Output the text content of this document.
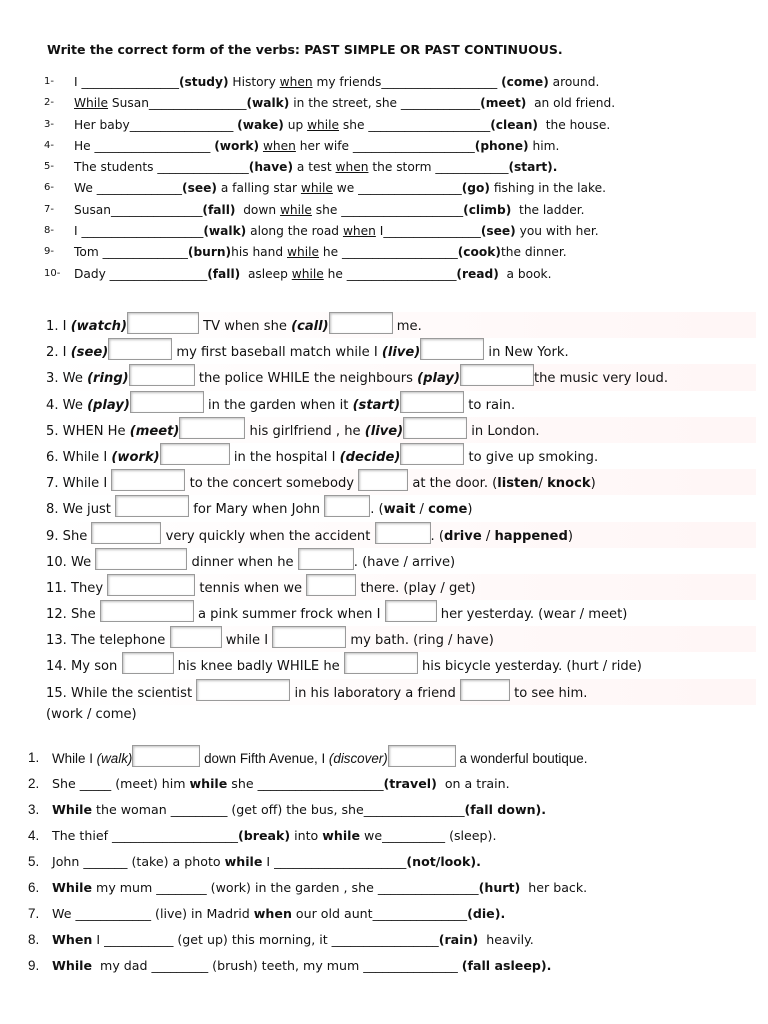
Write the correct form of the verbs: PAST SIMPLE OR PAST CONTINUOUS.
1-	I ________________(study) History when my friends___________________ (come) around.
2-	While Susan________________(walk) in the street, she _____________(meet)  an old friend.
3-	Her baby_________________ (wake) up while she ____________________(clean)  the house.
4-	He ___________________ (work) when her wife ____________________(phone) him.
5-	The students _______________(have) a test when the storm ____________(start).
6-	We ______________(see) a falling star while we _________________(go) fishing in the lake.
7-	Susan_______________(fall)  down while she ____________________(climb)  the ladder.
8-	I ____________________(walk) along the road when I________________(see) you with her.
9-	Tom ______________(burn)his hand while he ___________________(cook)the dinner.
10-	Dady ________________(fall)  asleep while he __________________(read)  a book.
1. I (watch)	TV when she (call)	me.
2. I (see)	my first baseball match while I (live)	in New York.
3. We (ring)	the police WHILE the neighbours (play)	the music very loud.
4. We (play)	in the garden when it (start)	to rain.
5. WHEN He (meet)	his girlfriend , he (live)	in London.
6. While I (work)	in the hospital I (decide)	to give up smoking.
7. While I	to the concert somebody	at the door. (listen/ knock)
8. We just	for Mary when John	. (wait / come)
9. She	very quickly when the accident	. (drive / happened)
10. We	dinner when he	. (have / arrive)
11. They	tennis when we	there. (play / get)
12. She	a pink summer frock when I	her yesterday. (wear / meet)
13. The telephone	while I	my bath. (ring / have)
14. My son	his knee badly WHILE he	his bicycle yesterday. (hurt / ride)
15. While the scientist	in his laboratory a friend	to see him.
(work / come)
1. While I (walk)	down Fifth Avenue, I (discover)	a wonderful boutique.
2.	She _____ (meet) him while she ____________________(travel)  on a train.
3.	While the woman _________ (get off) the bus, she________________(fall down).
4.	The thief ____________________(break) into while we__________ (sleep).
5.	John _______ (take) a photo while I _____________________(not/look).
6.	While my mum ________ (work) in the garden , she ________________(hurt)  her back.
7.	We ____________ (live) in Madrid when our old aunt_______________(die).
8.	When I ___________ (get up) this morning, it _________________(rain)  heavily.
9.	While  my dad _________ (brush) teeth, my mum _______________ (fall asleep).
